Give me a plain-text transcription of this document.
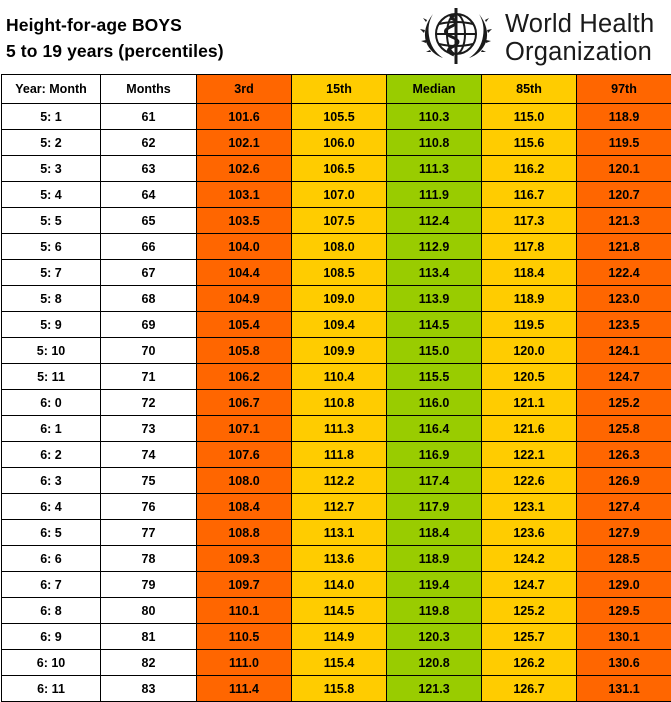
Height-for-age BOYS
5 to 19 years (percentiles)
World Health
Organization
Year: Month	Months	3rd	15th	Median	85th	97th
5: 1	61	101.6	105.5	110.3	115.0	118.9
5: 2	62	102.1	106.0	110.8	115.6	119.5
5: 3	63	102.6	106.5	111.3	116.2	120.1
5: 4	64	103.1	107.0	111.9	116.7	120.7
5: 5	65	103.5	107.5	112.4	117.3	121.3
5: 6	66	104.0	108.0	112.9	117.8	121.8
5: 7	67	104.4	108.5	113.4	118.4	122.4
5: 8	68	104.9	109.0	113.9	118.9	123.0
5: 9	69	105.4	109.4	114.5	119.5	123.5
5: 10	70	105.8	109.9	115.0	120.0	124.1
5: 11	71	106.2	110.4	115.5	120.5	124.7
6: 0	72	106.7	110.8	116.0	121.1	125.2
6: 1	73	107.1	111.3	116.4	121.6	125.8
6: 2	74	107.6	111.8	116.9	122.1	126.3
6: 3	75	108.0	112.2	117.4	122.6	126.9
6: 4	76	108.4	112.7	117.9	123.1	127.4
6: 5	77	108.8	113.1	118.4	123.6	127.9
6: 6	78	109.3	113.6	118.9	124.2	128.5
6: 7	79	109.7	114.0	119.4	124.7	129.0
6: 8	80	110.1	114.5	119.8	125.2	129.5
6: 9	81	110.5	114.9	120.3	125.7	130.1
6: 10	82	111.0	115.4	120.8	126.2	130.6
6: 11	83	111.4	115.8	121.3	126.7	131.1
